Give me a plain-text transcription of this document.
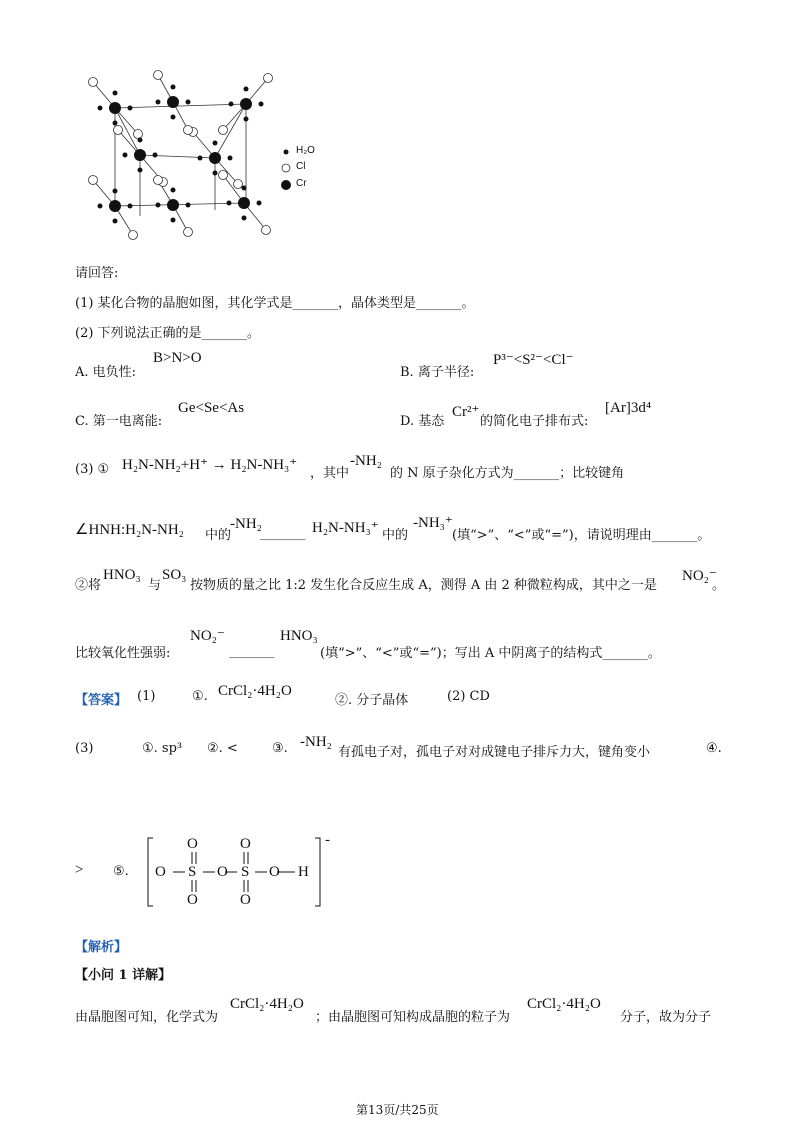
H₂O
Cl
Cr
请回答:
(1) 某化合物的晶胞如图，其化学式是_______，晶体类型是_______。
(2) 下列说法正确的是_______。
A. 电负性:
B>N>O
B. 离子半径:
P³⁻<S²⁻<Cl⁻
C. 第一电离能:
Ge<Se<As
D. 基态
Cr²⁺
的简化电子排布式:
[Ar]3d⁴
(3) ① H₂N-NH₂+H⁺ → H₂N-NH₃⁺
，其中
-NH₂
的 N 原子杂化方式为_______；比较键角
∠HNH:H₂N-NH₂ 中的
-NH₂
_______ H₂N-NH₃⁺ 中的
-NH₃⁺
(填“>”、“<”或“=”)，请说明理由_______。
②将
HNO₃
与
SO₃
按物质的量之比 1:2 发生化合反应生成 A，测得 A 由 2 种微粒构成，其中之一是
NO₂⁻
。
比较氧化性强弱:
NO₂⁻
_______
HNO₃
(填“>”、“<”或“=”)；写出 A 中阴离子的结构式_______。
【答案】 (1)	①. CrCl₂·4H₂O
②. 分子晶体	(2) CD
(3)	①. sp³ ②. <	③. -NH₂
有孤电子对，孤电子对对成键电子排斥力大，键角变小	④.
> ⑤. O
O
S
O
O
O
S
O
O H
-
【解析】
【小问 1 详解】
由晶胞图可知，化学式为
CrCl₂·4H₂O
；由晶胞图可知构成晶胞的粒子为
CrCl₂·4H₂O
分子，故为分子
第13页/共25页
